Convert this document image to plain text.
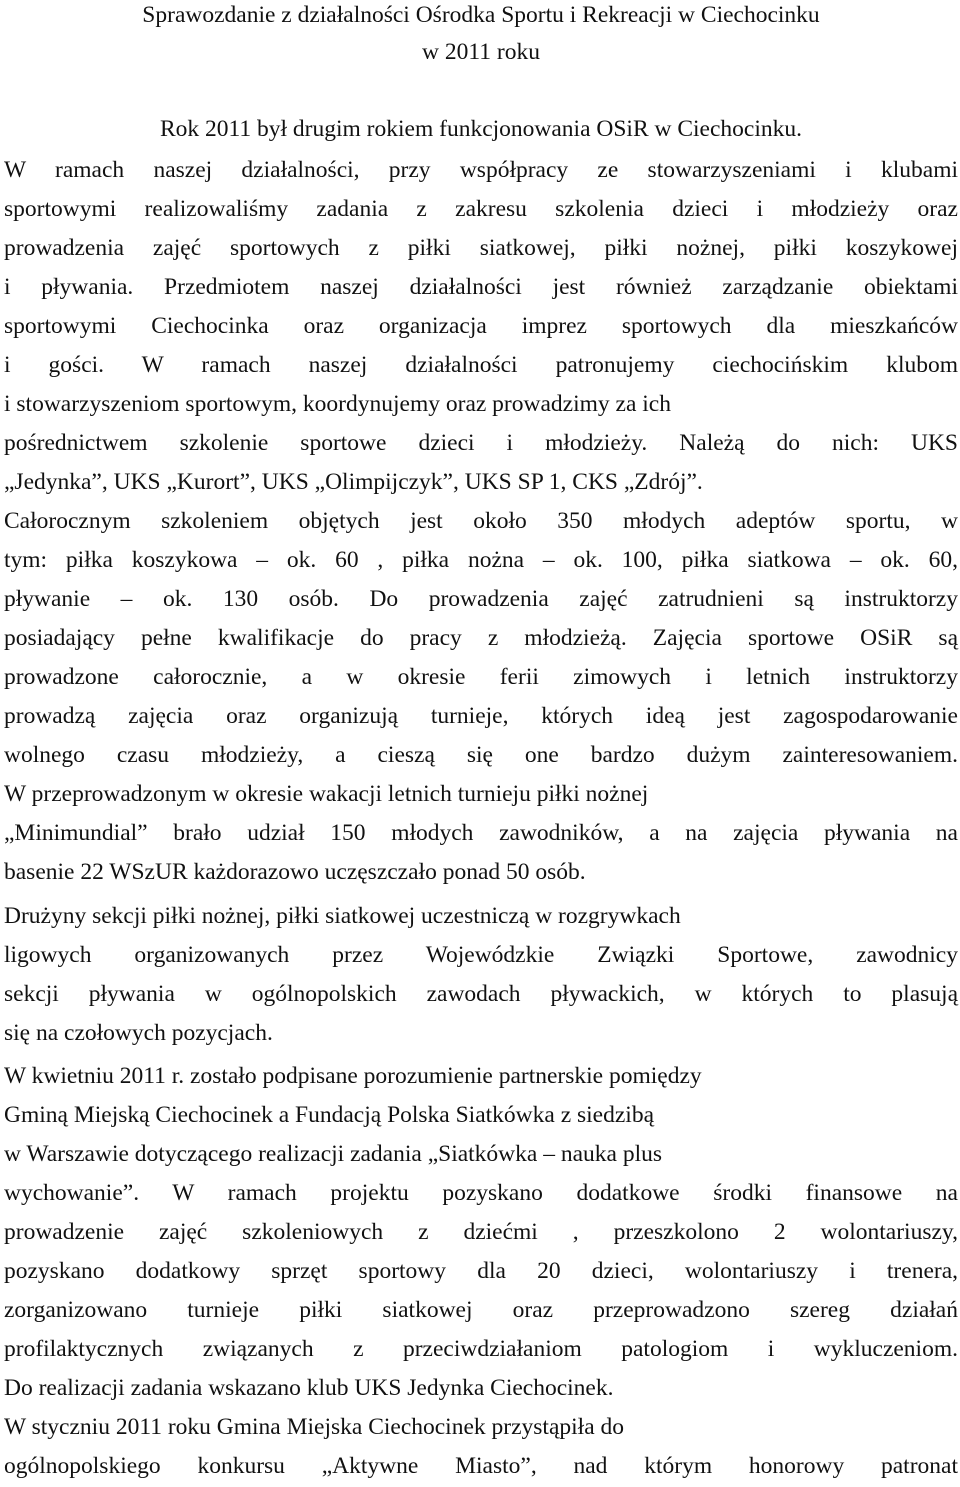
Sprawozdanie z działalności Ośrodka Sportu i Rekreacji w Ciechocinku
w 2011 roku
Rok 2011 był drugim rokiem funkcjonowania OSiR w Ciechocinku.
W ramach naszej działalności, przy współpracy ze stowarzyszeniami i klubami
sportowymi realizowaliśmy zadania z zakresu szkolenia dzieci i młodzieży oraz
prowadzenia zajęć sportowych z piłki siatkowej, piłki nożnej, piłki koszykowej
i pływania. Przedmiotem naszej działalności jest również zarządzanie obiektami
sportowymi Ciechocinka oraz organizacja imprez sportowych dla mieszkańców
i gości. W ramach naszej działalności patronujemy ciechocińskim klubom
i stowarzyszeniom sportowym, koordynujemy oraz prowadzimy za ich
pośrednictwem szkolenie sportowe dzieci i młodzieży. Należą do nich: UKS
„Jedynka”, UKS „Kurort”, UKS „Olimpijczyk”, UKS SP 1, CKS „Zdrój”.
Całorocznym szkoleniem objętych jest około 350 młodych adeptów sportu, w
tym: piłka koszykowa – ok. 60 , piłka nożna – ok. 100, piłka siatkowa – ok. 60,
pływanie – ok. 130 osób. Do prowadzenia zajęć zatrudnieni są instruktorzy
posiadający pełne kwalifikacje do pracy z młodzieżą. Zajęcia sportowe OSiR są
prowadzone całorocznie, a w okresie ferii zimowych i letnich instruktorzy
prowadzą zajęcia oraz organizują turnieje, których ideą jest zagospodarowanie
wolnego czasu młodzieży, a cieszą się one bardzo dużym zainteresowaniem.
W przeprowadzonym w okresie wakacji letnich turnieju piłki nożnej
„Minimundial” brało udział 150 młodych zawodników, a na zajęcia pływania na
basenie 22 WSzUR każdorazowo uczęszczało ponad 50 osób.
Drużyny sekcji piłki nożnej, piłki siatkowej uczestniczą w rozgrywkach
ligowych organizowanych przez Wojewódzkie Związki Sportowe, zawodnicy
sekcji pływania w ogólnopolskich zawodach pływackich, w których to plasują
się na czołowych pozycjach.
W kwietniu 2011 r. zostało podpisane porozumienie partnerskie pomiędzy
Gminą Miejską Ciechocinek a Fundacją Polska Siatkówka z siedzibą
w Warszawie dotyczącego realizacji zadania „Siatkówka – nauka plus
wychowanie”. W ramach projektu pozyskano dodatkowe środki finansowe na
prowadzenie zajęć szkoleniowych z dziećmi , przeszkolono 2 wolontariuszy,
pozyskano dodatkowy sprzęt sportowy dla 20 dzieci, wolontariuszy i trenera,
zorganizowano turnieje piłki siatkowej oraz przeprowadzono szereg działań
profilaktycznych związanych z przeciwdziałaniom patologiom i wykluczeniom.
Do realizacji zadania wskazano klub UKS Jedynka Ciechocinek.
W styczniu 2011 roku Gmina Miejska Ciechocinek przystąpiła do
ogólnopolskiego konkursu „Aktywne Miasto”, nad którym honorowy patronat
